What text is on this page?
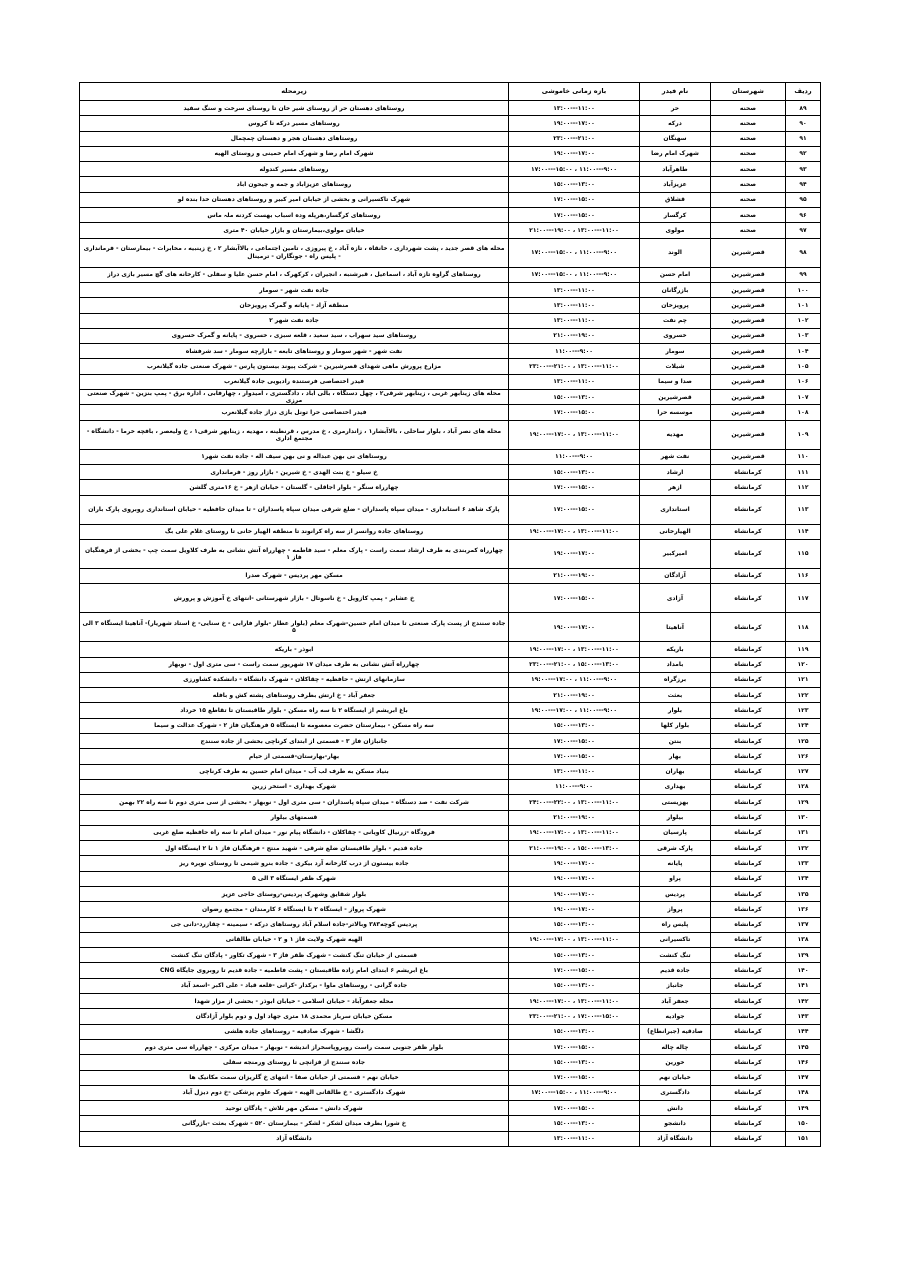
ردیف	شهرستان	نام فیدر	بازه زمانی خاموشی	زیرمحله
۸۹	صحنه	حر	۱۱:۰۰---۱۳:۰۰	روستاهای دهستان حر از روستای شیر خان تا روستای سرخت و سنگ سفید
۹۰	صحنه	درکه	۱۷:۰۰---۱۹:۰۰	روستاهای مسیر درکه تا کروس
۹۱	صحنه	سهنگان	۲۱:۰۰---۲۳:۰۰	روستاهای دهستان هجر و دهستان چمچمال
۹۲	صحنه	شهرک امام رضا	۱۷:۰۰---۱۹:۰۰	شهرک امام رضا و شهرک امام خمینی و روستای الهیه
۹۳	صحنه	طاهرآباد	۹:۰۰---۱۱:۰۰ ، ۱۵:۰۰---۱۷:۰۰	روستاهای مسیر کندوله
۹۴	صحنه	عزیزآباد	۱۳:۰۰---۱۵:۰۰	روستاهای عزیزاباد و جمه و جیحون اباد
۹۵	صحنه	قشلاق	۱۵:۰۰---۱۷:۰۰	شهرک تاکسیرانی و بخشی از خیابان امیر کبیر و روستاهای دهستان خدا بنده لو
۹۶	صحنه	کرگسار	۱۵:۰۰---۱۷:۰۰	روستاهای کرگسار،هرپله وده اسباب بهست کردنه ملہ ماس
۹۷	صحنه	مولوی	۱۱:۰۰---۱۳:۰۰ ، ۱۹:۰۰---۲۱:۰۰	خیابان مولوی،بیمارستان و بازار خیابان ۴۰ متری
۹۸	قصرشیرین	الوند	۹:۰۰---۱۱:۰۰ ، ۱۵:۰۰---۱۷:۰۰	محله های قصر جدید ، پشت شهرداری ، خانقاه ، تازه آباد ، خ پیروزی ، تامین اجتماعی ، بالاآبشار ۲ ، خ زینبیه ، مخابرات - بیمارستان - فرمانداری - پلیس راه - جونگاران - ترمینال
۹۹	قصرشیرین	امام حسن	۹:۰۰---۱۱:۰۰ ، ۱۵:۰۰---۱۷:۰۰	روستاهای گراوه تازه آباد ، اسماعیل ، قبرشنبه ، انجیران ، کرکهرک ، امام حسن علیا و سفلی - کارخانه های گچ مسیر بازی دراز
۱۰۰	قصرشیرین	بازرگانان	۱۱:۰۰---۱۳:۰۰	جاده نفت شهر - سومار
۱۰۱	قصرشیرین	پرویزخان	۱۱:۰۰---۱۳:۰۰	منطقه آزاد - پایانه و گمرک پرویزخان
۱۰۲	قصرشیرین	چم نفت	۱۱:۰۰---۱۳:۰۰	جاده نفت شهر ۲
۱۰۳	قصرشیرین	خسروی	۱۹:۰۰---۲۱:۰۰	روستاهای سید سهراب ، سید سعید ، قلعه سبزی ، خسروی - پایانه و گمرک خسروی
۱۰۴	قصرشیرین	سومار	۹:۰۰---۱۱:۰۰	نفت شهر - شهر سومار و روستاهای تابعه - بازارچه سومار - سد شرفشاه
۱۰۵	قصرشیرین	شیلات	۱۱:۰۰---۱۳:۰۰ ، ۲۱:۰۰---۲۳:۰۰	مزارع پرورش ماهی شهدای قصرشیرین - شرکت پیوند بیستون پارس - شهرک صنعتی جاده گیلانغرب
۱۰۶	قصرشیرین	صدا و سیما	۱۱:۰۰---۱۳:۰۰	فیدر اختصاصی فرستنده رادیویی جاده گیلانغرب
۱۰۷	قصرشیرین	قصرشیرین	۱۳:۰۰---۱۵:۰۰	محله های زینابهر غربی ، زینابهر شرقی۲ ، چهل دستگاه ، بالی آباد ، دادگستری ، امیدوار ، چهارفابی ، اداره برق - پمپ بنزین - شهرک صنعتی مرزی
۱۰۸	قصرشیرین	موسسه حرا	۱۵:۰۰---۱۷:۰۰	فیدر اختصاصی حرا تونل بازی دراز جاده گیلانغرب
۱۰۹	قصرشیرین	مهدیه	۱۱:۰۰---۱۳:۰۰ ، ۱۷:۰۰---۱۹:۰۰	محله های نصر آباد ، بلوار ساحلی ، بالاآبشار۱ ، زاندارمری ، خ مدرس ، قرنطینه ، مهدیه ، زینابهر شرقی۱ ، خ ولیعصر ، بافچه خرما - دانشگاه - مجتمع اداری
۱۱۰	قصرشیرین	نفت شهر	۹:۰۰---۱۱:۰۰	روستاهای نی بهن عبداله و نی بهن سیف اله - جاده نفت شهر۱
۱۱۱	کرمانشاه	ارشاد	۱۳:۰۰---۱۵:۰۰	خ سیلو - خ بنت الهدی - خ شیرین - بازار روز - فرمانداری
۱۱۲	کرمانشاه	ازهر	۱۵:۰۰---۱۷:۰۰	چهارراه سنگر - بلوار اجاقلی - گلستان - خیابان ازهر - خ ۱۶متری گلشن
۱۱۳	کرمانشاه	استانداری	۱۵:۰۰---۱۷:۰۰	پارک شاهد ۶ استانداری - میدان سپاه پاسداران - ضلع شرقی میدان سپاه پاسداران - تا میدان حافظیه - خیابان استانداری روبروی پارک باران
۱۱۴	کرمانشاه	الهیارخانی	۱۱:۰۰---۱۳:۰۰ ، ۱۷:۰۰---۱۹:۰۰	روستاهای جاده روانسر از سه راه کرانوند تا منطقه الهیار خانی تا روستای غلام علی بگ
۱۱۵	کرمانشاه	امیرکبیر	۱۷:۰۰---۱۹:۰۰	چهارراه کمربندی به طرف ارشاد سمت راست - پارک معلم - سید فاطمه - چهارراه آتش نشانی به طرف کلاویل سمت چپ - بخشی از فرهنگیان فاز ۱
۱۱۶	کرمانشاه	آزادگان	۱۹:۰۰---۲۱:۰۰	مسکن مهر پردیس - شهرک صدرا
۱۱۷	کرمانشاه	آزادی	۱۵:۰۰---۱۷:۰۰	خ عشایر - پمپ کازویل - خ ناسوتال - بازار شهرستانی -انتهای خ آموزش و پرورش
۱۱۸	کرمانشاه	آناهیتا	۱۷:۰۰---۱۹:۰۰	جاده سنندج از پست پارک صنعتی تا میدان امام حسین-شهرک معلم (بلوار عطار -بلوار فارابی - خ سنایی- خ استاد شهریار)- آناهیتا ایستگاه ۳ الی ۵
۱۱۹	کرمانشاه	باریکه	۱۱:۰۰---۱۳:۰۰ ، ۱۷:۰۰---۱۹:۰۰	ابوذر - باریکه
۱۲۰	کرمانشاه	بامداد	۱۳:۰۰---۱۵:۰۰ ، ۲۱:۰۰---۲۳:۰۰	چهارراه آتش نشانی به طرف میدان ۱۷ شهریور سمت راست - سی متری اول - نوبهار
۱۲۱	کرمانشاه	برزگراه	۹:۰۰---۱۱:۰۰ ، ۱۷:۰۰---۱۹:۰۰	سازمانهای ارتش - حافظیه - چقاکلان - شهرک دانشگاه - دانشکده کشاورزی
۱۲۲	کرمانشاه	بعثت	۱۹:۰۰---۲۱:۰۰	جعفر آباد - خ ارتش بطرف روستاهای پشته کش و بافله
۱۲۳	کرمانشاه	بلوار	۹:۰۰---۱۱:۰۰ ، ۱۷:۰۰---۱۹:۰۰	باغ ابریشم از ایستگاه ۲ تا سه راه مسکن - بلوار طاقبستان تا تقاطع ۱۵ خرداد
۱۲۴	کرمانشاه	بلوار کلها	۱۳:۰۰---۱۵:۰۰	سه راه مسکن - بیمارستان حضرت معصومه تا ایستگاه ۵ فرهنگیان فاز ۲ - شهرک عدالت و سیما
۱۲۵	کرمانشاه	بنتن	۱۵:۰۰---۱۷:۰۰	جانبازان فاز ۳ - قسمتی از ابتدای کرناچی بخشی از جاده سنندج
۱۲۶	کرمانشاه	بهار	۱۵:۰۰---۱۷:۰۰	بهار-بهارستان-قسمتی از خیام
۱۲۷	کرمانشاه	بهاران	۱۱:۰۰---۱۳:۰۰	بنیاد مسکن به طرف لب آب - میدان امام حسین به طرف کرناچی
۱۲۸	کرمانشاه	بهداری	۹:۰۰---۱۱:۰۰	شهرک بهداری - استخر زرین
۱۲۹	کرمانشاه	بهزیستی	۱۱:۰۰---۱۳:۰۰ ، ۲۲:۰۰---۲۴:۰۰	شرکت نفت - صد دستگاه - میدان سپاه پاسداران - سی متری اول - نوبهار - بخشی از سی متری دوم تا سه راه ۲۲ بهمن
۱۳۰	کرمانشاه	بیلوار	۱۹:۰۰---۲۱:۰۰	قسمتهای بیلوار
۱۳۱	کرمانشاه	پارسیان	۱۱:۰۰---۱۳:۰۰ ، ۱۷:۰۰---۱۹:۰۰	فرودگاه -زرنیال کاویانی - چقاکلان - دانشگاه پیام نور - میدان امام تا سه راه حافظیه ضلع غربی
۱۳۲	کرمانشاه	پارک شرقی	۱۳:۰۰---۱۵:۰۰ ، ۱۹:۰۰---۲۱:۰۰	جاده قدیم - بلوار طاقبستان ضلع شرقی - شهید منتج - فرهنگیان فاز ۱ تا ۲ ایستگاه اول
۱۳۳	کرمانشاه	پایانه	۱۷:۰۰---۱۹:۰۰	جاده بیستون از درب کارخانه آرد بیکری - جاده بنرو شیمی تا روستای توپره ریز
۱۳۴	کرمانشاه	پراو	۱۷:۰۰---۱۹:۰۰	شهرک ظفر ایستگاه ۳ الی ۵
۱۳۵	کرمانشاه	پردیس	۱۷:۰۰---۱۹:۰۰	بلوار شقایق وشهرک پردیس-روستای حاجی عزیز
۱۳۶	کرمانشاه	پرواز	۱۷:۰۰---۱۹:۰۰	شهرک پرواز - ایستگاه ۲ تا ایستگاه ۶ کارمندان - مجتمع رضوان
۱۳۷	کرمانشاه	پلیس راه	۱۳:۰۰---۱۵:۰۰	پردیس کوچه۳۸۳ وبالاتر-جاده اسلام آباد روستاهای درکه - سیمینه - چقازرد-دانی جی
۱۳۸	کرمانشاه	تاکسیرانی	۱۱:۰۰---۱۳:۰۰ ، ۱۷:۰۰---۱۹:۰۰	الهیه شهرک ولایت فاز ۱ و ۲ - خیابان طالقانی
۱۳۹	کرمانشاه	تنگ کنشت	۱۳:۰۰---۱۵:۰۰	قسمتی از خیابان تنگ کنشت - شهرک ظفر فاز ۳ - شهرک تکاور - پادگان تنگ کنشت
۱۴۰	کرمانشاه	جاده قدیم	۱۵:۰۰---۱۷:۰۰	باغ ابریشم ۶ ابتدای امام زاده طاقبستان - پشت فاطمیه - جاده قدیم تا روبروی جایگاه CNG
۱۴۱	کرمانشاه	جانباز	۱۳:۰۰---۱۵:۰۰	جاده گرانی - روستاهای ماوا - برکدار -کرانی -قلعه قباد - علی اکبر -اسعد آباد
۱۴۲	کرمانشاه	جعفر آباد	۱۱:۰۰---۱۳:۰۰ ، ۱۷:۰۰---۱۹:۰۰	محله جعفرآباد - خیابان اسلامی - خیابان ابوذر - بخشی از مزار شهدا
۱۴۳	کرمانشاه	جوادیه	۱۵:۰۰---۱۷:۰۰ ، ۲۱:۰۰---۲۳:۰۰	مسکن خیابان سرباز محمدی ۱۸ متری جهاد اول و دوم بلوار آزادگان
۱۴۴	کرمانشاه	صادقیه (جبرانطاع)	۱۳:۰۰---۱۵:۰۰	دلگشا - شهرک صادقیه - روستاهای جاده هلشی
۱۴۵	کرمانشاه	چاله چاله	۱۵:۰۰---۱۷:۰۰	بلوار ظفر جنوبی سمت راست روبروپاسخراز اندیشه - نوبهار - میدان مرکزی - چهارراه سی متری دوم
۱۴۶	کرمانشاه	خورین	۱۳:۰۰---۱۵:۰۰	جاده سنندج از قزانچی تا روستای ورمنجه سفلی
۱۴۷	کرمانشاه	خیابان نهم	۱۵:۰۰---۱۷:۰۰	خیابان نهم - قسمتی از خیابان صفا - انتهای خ گلریزان سمت مکانیک ها
۱۴۸	کرمانشاه	دادگستری	۹:۰۰---۱۱:۰۰ ، ۱۵:۰۰---۱۷:۰۰	شهرک دادگستری - خ طالقانی الهیه - شهرک علوم پزشکی -خ دوم دیزل آباد
۱۴۹	کرمانشاه	دانش	۱۵:۰۰---۱۷:۰۰	شهرک دانش - مسکن مهر تلاش - پادگان توحید
۱۵۰	کرمانشاه	دانشجو	۱۳:۰۰---۱۵:۰۰	خ شورا بطرف میدان لشکر - لشکر - بیمارستان ۵۲۰ - شهرک بعثت -بازرگانی
۱۵۱	کرمانشاه	دانشگاه آزاد	۱۱:۰۰---۱۳:۰۰	دانشگاه آزاد
